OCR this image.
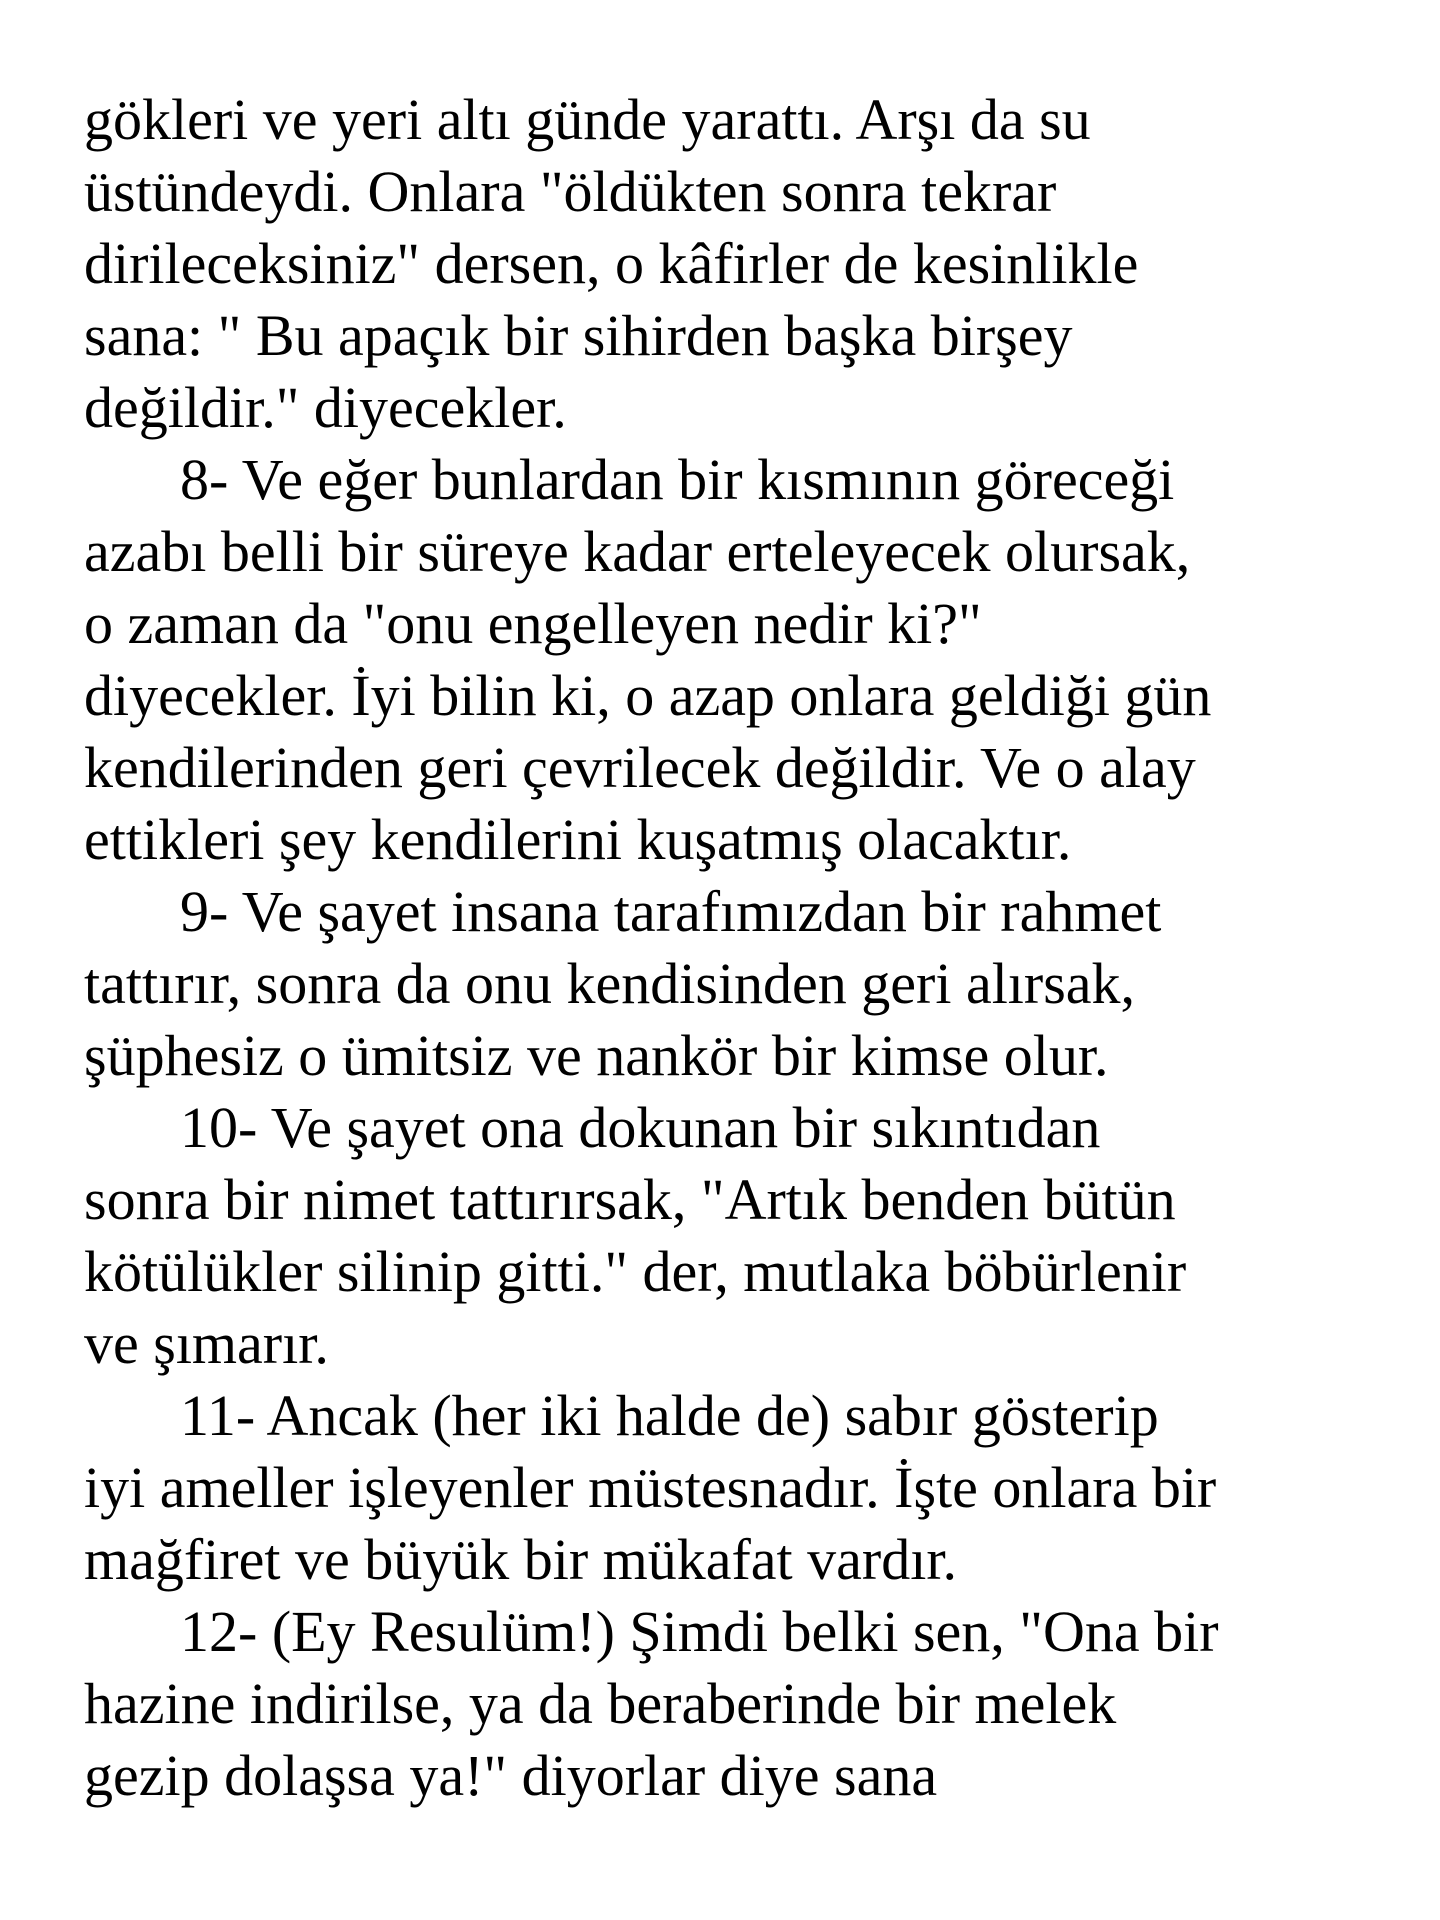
gökleri ve yeri altı günde yarattı. Arşı da su
üstündeydi. Onlara "öldükten sonra tekrar
dirileceksiniz" dersen, o kâfirler de kesinlikle
sana: " Bu apaçık bir sihirden başka birşey
değildir." diyecekler.
8- Ve eğer bunlardan bir kısmının göreceği
azabı belli bir süreye kadar erteleyecek olursak,
o zaman da "onu engelleyen nedir ki?"
diyecekler. İyi bilin ki, o azap onlara geldiği gün
kendilerinden geri çevrilecek değildir. Ve o alay
ettikleri şey kendilerini kuşatmış olacaktır.
9- Ve şayet insana tarafımızdan bir rahmet
tattırır, sonra da onu kendisinden geri alırsak,
şüphesiz o ümitsiz ve nankör bir kimse olur.
10- Ve şayet ona dokunan bir sıkıntıdan
sonra bir nimet tattırırsak, "Artık benden bütün
kötülükler silinip gitti." der, mutlaka böbürlenir
ve şımarır.
11- Ancak (her iki halde de) sabır gösterip
iyi ameller işleyenler müstesnadır. İşte onlara bir
mağfiret ve büyük bir mükafat vardır.
12- (Ey Resulüm!) Şimdi belki sen, "Ona bir
hazine indirilse, ya da beraberinde bir melek
gezip dolaşsa ya!" diyorlar diye sana
